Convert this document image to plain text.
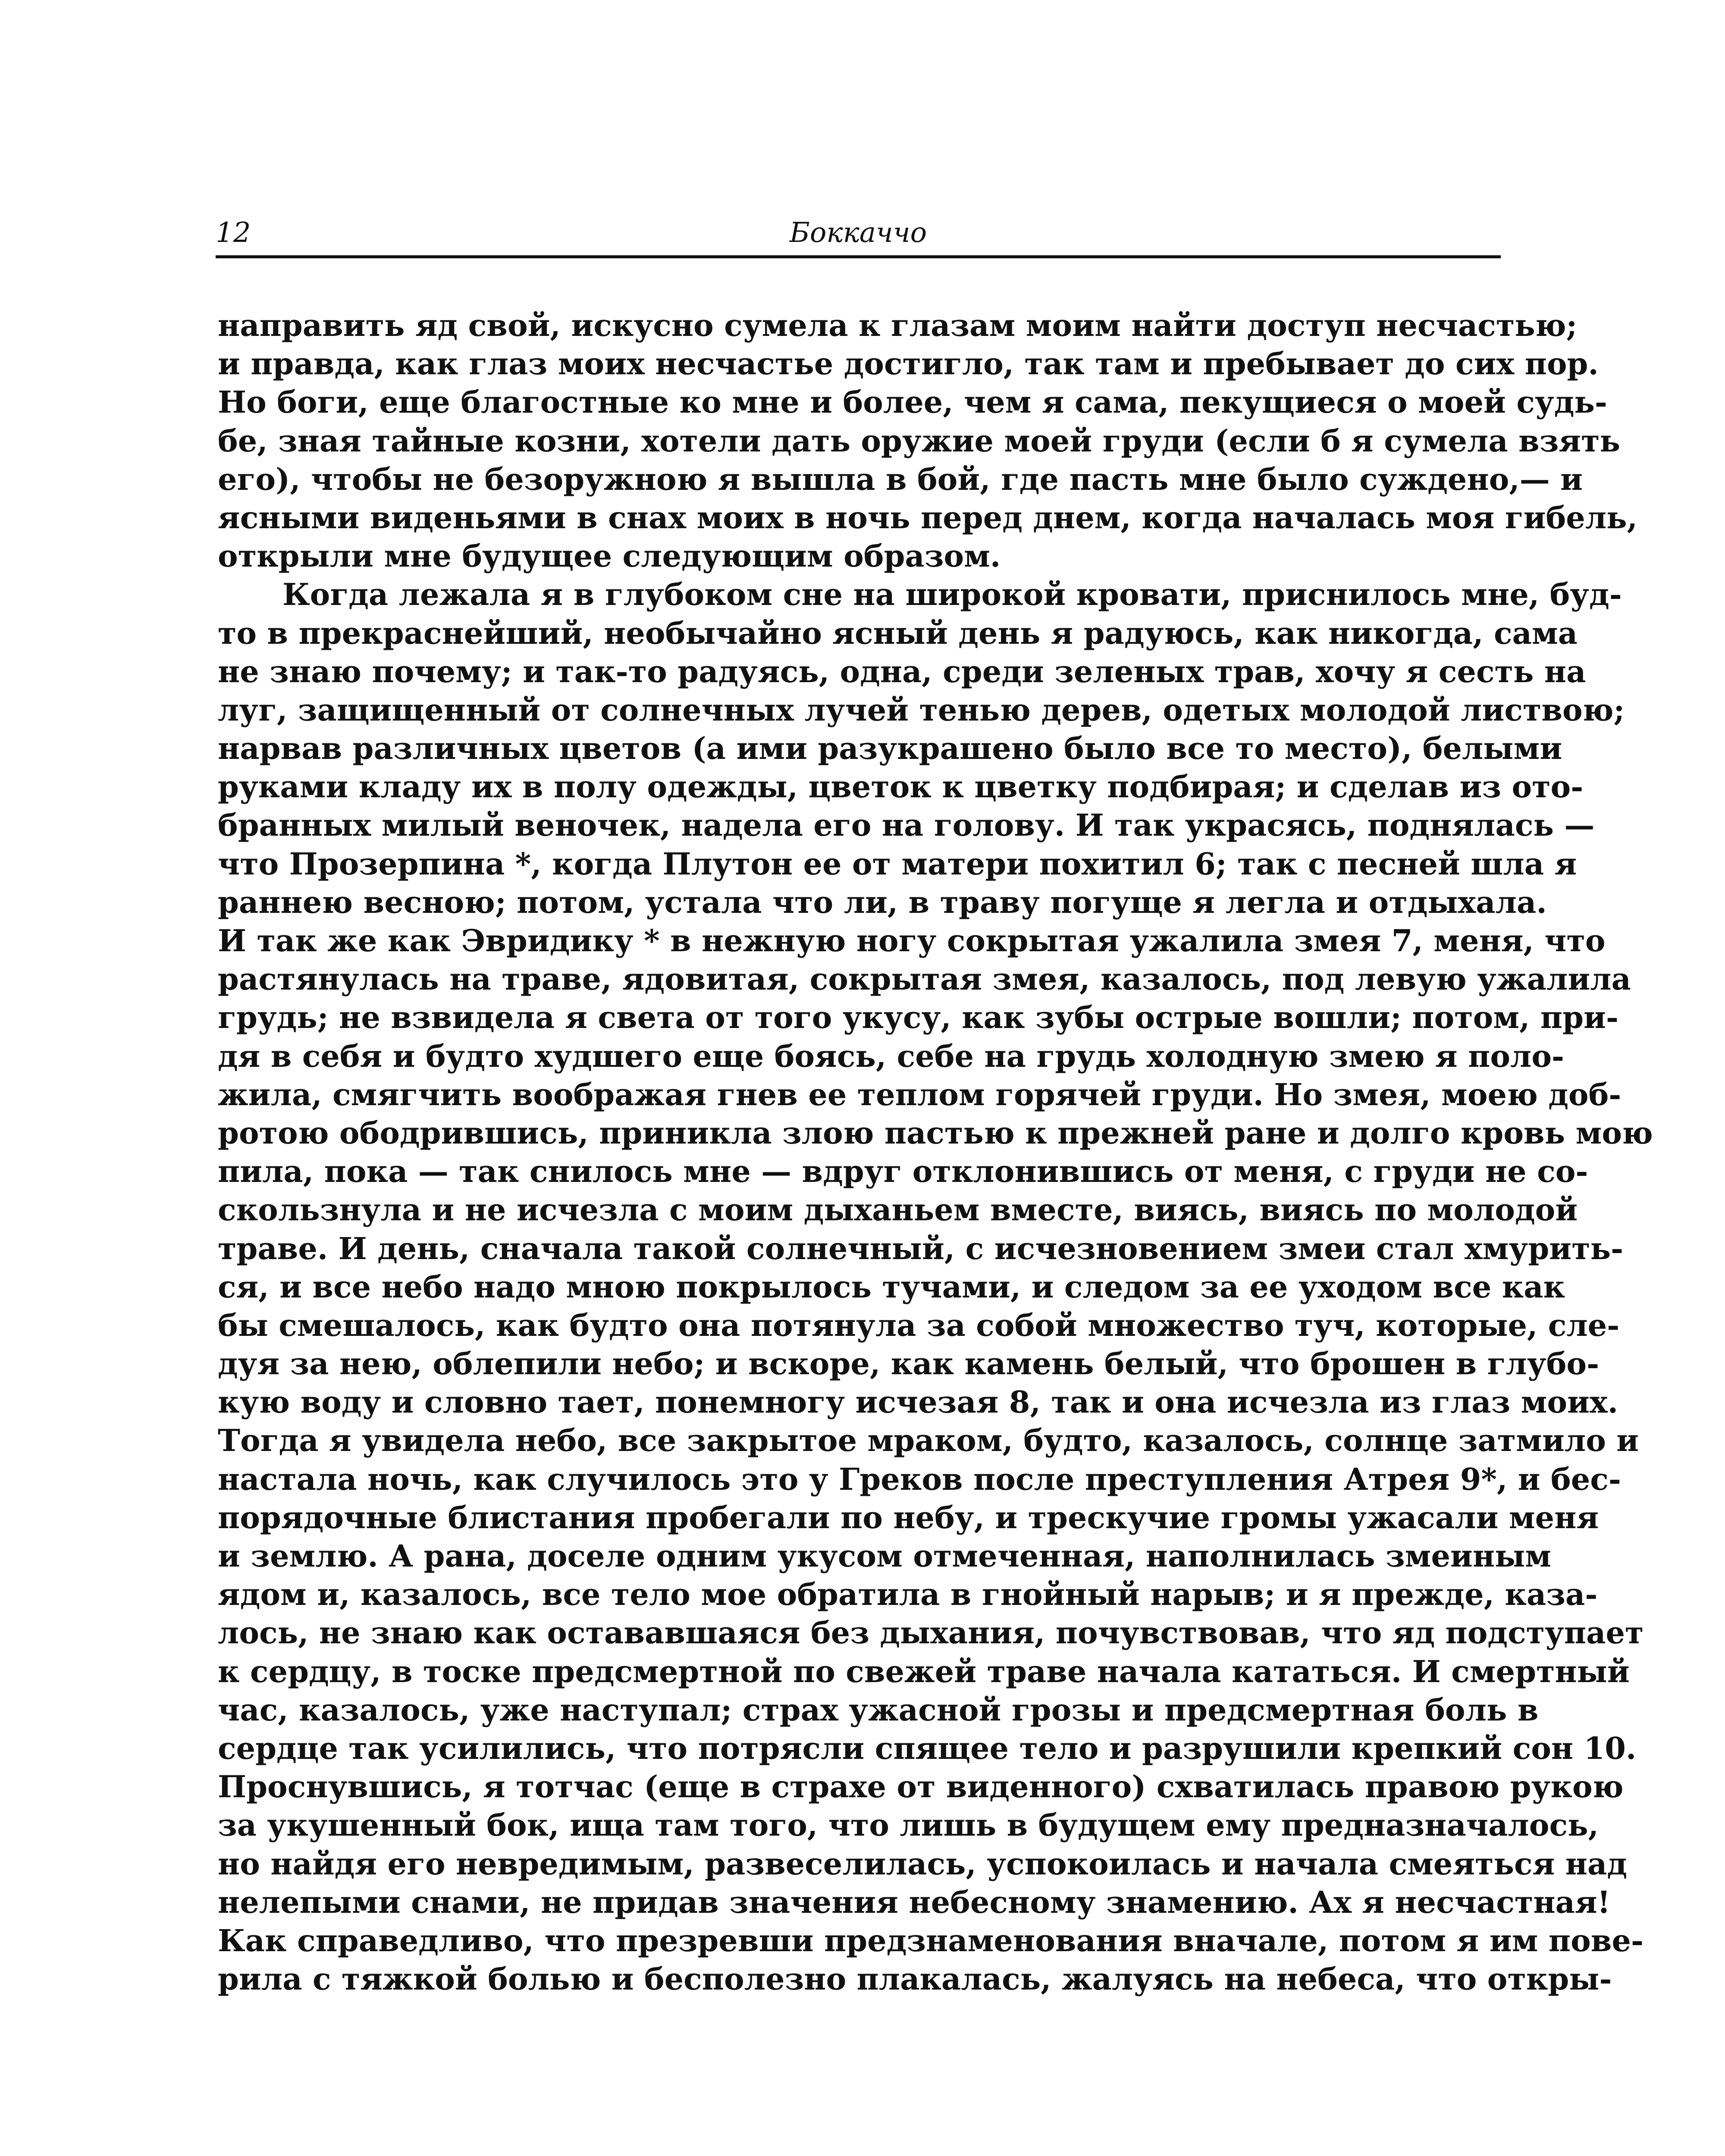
12	Боккаччо

направить яд свой, искусно сумела к глазам моим найти доступ несчастью;
и правда, как глаз моих несчастье достигло, так там и пребывает до сих пор.
Но боги, еще благостные ко мне и более, чем я сама, пекущиеся о моей судь-
бе, зная тайные козни, хотели дать оружие моей груди (если б я сумела взять
его), чтобы не безоружною я вышла в бой, где пасть мне было суждено,— и
ясными виденьями в снах моих в ночь перед днем, когда началась моя гибель,
открыли мне будущее следующим образом.

Когда лежала я в глубоком сне на широкой кровати, приснилось мне, буд-
то в прекраснейший, необычайно ясный день я радуюсь, как никогда, сама
не знаю почему; и так-то радуясь, одна, среди зеленых трав, хочу я сесть на
луг, защищенный от солнечных лучей тенью дерев, одетых молодой листвою;
нарвав различных цветов (а ими разукрашено было все то место), белыми
руками кладу их в полу одежды, цветок к цветку подбирая; и сделав из ото-
бранных милый веночек, надела его на голову. И так украсясь, поднялась —
что Прозерпина *, когда Плутон ее от матери похитил 6; так с песней шла я
раннею весною; потом, устала что ли, в траву погуще я легла и отдыхала.
И так же как Эвридику * в нежную ногу сокрытая ужалила змея 7, меня, что
растянулась на траве, ядовитая, сокрытая змея, казалось, под левую ужалила
грудь; не взвидела я света от того укусу, как зубы острые вошли; потом, при-
дя в себя и будто худшего еще боясь, себе на грудь холодную змею я поло-
жила, смягчить воображая гнев ее теплом горячей груди. Но змея, моею доб-
ротою ободрившись, приникла злою пастью к прежней ране и долго кровь мою
пила, пока — так снилось мне — вдруг отклонившись от меня, с груди не со-
скользнула и не исчезла с моим дыханьем вместе, виясь, виясь по молодой
траве. И день, сначала такой солнечный, с исчезновением змеи стал хмурить-
ся, и все небо надо мною покрылось тучами, и следом за ее уходом все как
бы смешалось, как будто она потянула за собой множество туч, которые, сле-
дуя за нею, облепили небо; и вскоре, как камень белый, что брошен в глубо-
кую воду и словно тает, понемногу исчезая 8, так и она исчезла из глаз моих.
Тогда я увидела небо, все закрытое мраком, будто, казалось, солнце затмило и
настала ночь, как случилось это у Греков после преступления Атрея 9*, и бес-
порядочные блистания пробегали по небу, и трескучие громы ужасали меня
и землю. А рана, доселе одним укусом отмеченная, наполнилась змеиным
ядом и, казалось, все тело мое обратила в гнойный нарыв; и я прежде, каза-
лось, не знаю как остававшаяся без дыхания, почувствовав, что яд подступает
к сердцу, в тоске предсмертной по свежей траве начала кататься. И смертный
час, казалось, уже наступал; страх ужасной грозы и предсмертная боль в
сердце так усилились, что потрясли спящее тело и разрушили крепкий сон 10.
Проснувшись, я тотчас (еще в страхе от виденного) схватилась правою рукою
за укушенный бок, ища там того, что лишь в будущем ему предназначалось,
но найдя его невредимым, развеселилась, успокоилась и начала смеяться над
нелепыми снами, не придав значения небесному знамению. Ах я несчастная!
Как справедливо, что презревши предзнаменования вначале, потом я им пове-
рила с тяжкой болью и бесполезно плакалась, жалуясь на небеса, что откры-
